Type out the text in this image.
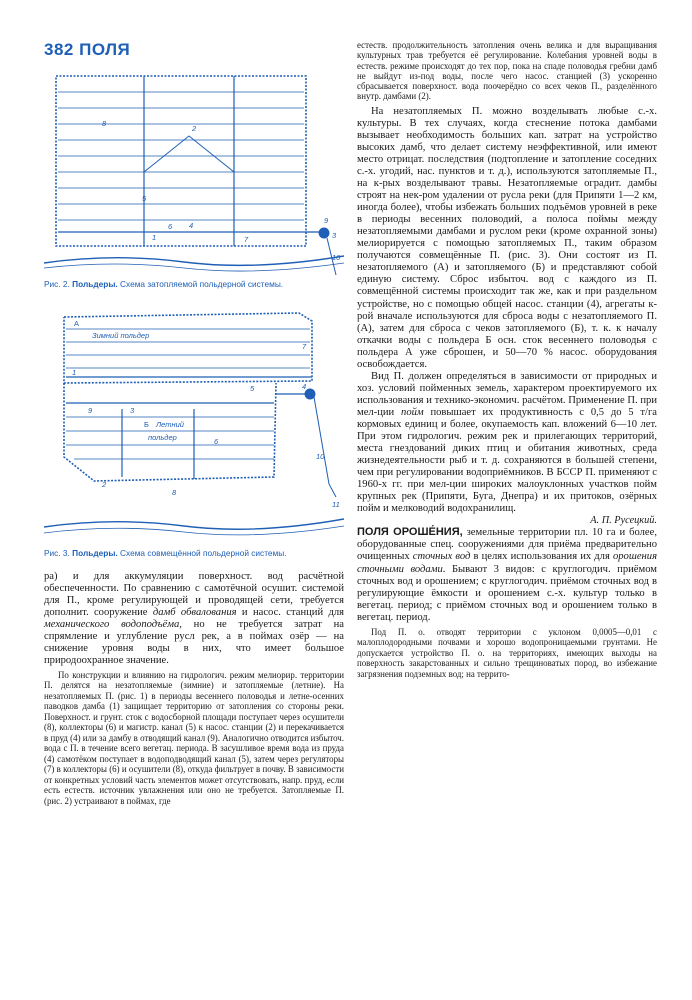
382 ПОЛЯ
1
2
3
4
5
6
7
8
9
10
Рис. 2. Польдеры. Схема затопляемой польдерной системы.
А
Зимний польдер
Б Летний
польдер
1
2
3
4
5
6
7
8
9
10
11
Рис. 3. Польдеры. Схема совмещённой польдерной системы.

ра) и для аккумуляции поверхност. вод расчётной обеспеченности. По сравнению с самотёчной осушит. системой для П., кроме регулирующей и проводящей сети, требуется дополнит. сооружение дамб обвалования и насос. станций для механического водоподъёма, но не требуется затрат на спрямление и углубление русл рек, а в поймах озёр — на снижение уровня воды в них, что имеет большое природоохранное значение.

По конструкции и влиянию на гидрологич. режим мелиорир. территории П. делятся на незатопляемые (зимние) и затопляемые (летние). На незатопляемых П. (рис. 1) в периоды весеннего половодья и летне-осенних паводков дамба (1) защищает территорию от затопления со стороны реки. Поверхност. и грунт. сток с водосборной площади поступает через осушители (8), коллекторы (6) и магистр. канал (5) к насос. станции (2) и перекачивается в пруд (4) или за дамбу в отводящий канал (9). Аналогично отводится избыточ. вода с П. в течение всего вегетац. периода. В засушливое время вода из пруда (4) самотёком поступает в водоподводящий канал (5), затем через регуляторы (7) в коллекторы (6) и осушители (8), откуда фильтрует в почву. В зависимости от конкретных условий часть элементов может отсутствовать, напр. пруд, если есть естеств. источник увлажнения или оно не требуется. Затопляемые П. (рис. 2) устраивают в поймах, где

естеств. продолжительность затопления очень велика и для выращивания культурных трав требуется её регулирование. Колебания уровней воды в естеств. режиме происходят до тех пор, пока на спаде половодья гребни дамб не выйдут из-под воды, после чего насос. станцией (3) ускоренно сбрасывается поверхност. вода поочерёдно со всех чеков П., разделённого внутр. дамбами (2).

На незатопляемых П. можно возделывать любые с.-х. культуры. В тех случаях, когда стеснение потока дамбами вызывает необходимость больших кап. затрат на устройство высоких дамб, что делает систему неэффективной, или имеют место отрицат. последствия (подтопление и затопление соседних с.-х. угодий, нас. пунктов и т. д.), используются затопляемые П., на к-рых возделывают травы. Незатопляемые оградит. дамбы строят на нек-ром удалении от русла реки (для Припяти 1—2 км, иногда более), чтобы избежать больших подъёмов уровней в реке в периоды весенних половодий, а полоса поймы между незатопляемыми дамбами и руслом реки (кроме охранной зоны) мелиорируется с помощью затопляемых П., таким образом получаются совмещённые П. (рис. 3). Они состоят из П. незатопляемого (А) и затопляемого (Б) и представляют собой единую систему. Сброс избыточ. вод с каждого из П. совмещённой системы происходит так же, как и при раздельном устройстве, но с помощью общей насос. станции (4), агрегаты к-рой вначале используются для сброса воды с незатопляемого П. (А), затем для сброса с чеков затопляемого (Б), т. к. к началу откачки воды с польдера Б осн. сток весеннего половодья с польдера А уже сброшен, и 50—70 % насос. оборудования освобождается.

Вид П. должен определяться в зависимости от природных и хоз. условий пойменных земель, характером проектируемого их использования и технико-экономич. расчётом. Применение П. при мел-ции пойм повышает их продуктивность с 0,5 до 5 т/га кормовых единиц и более, окупаемость кап. вложений 6—10 лет. При этом гидрологич. режим рек и прилегающих территорий, места гнездований диких птиц и обитания животных, среда жизнедеятельности рыб и т. д. сохраняются в большей степени, чем при регулировании водоприёмников. В БССР П. применяют с 1960-х гг. при мел-ции широких малоуклонных участков пойм крупных рек (Припяти, Буга, Днепра) и их притоков, озёрных пойм и мелководий водохранилищ.

А. П. Русецкий.

ПОЛЯ ОРОШЕ́НИЯ, земельные территории пл. 10 га и более, оборудованные спец. сооружениями для приёма предварительно очищенных сточных вод в целях использования их для орошения сточными водами. Бывают 3 видов: с круглогодич. приёмом сточных вод и орошением; с круглогодич. приёмом сточных вод в регулирующие ёмкости и орошением с.-х. культур только в вегетац. период; с приёмом сточных вод и орошением только в вегетац. период.

Под П. о. отводят территории с уклоном 0,0005—0,01 с малоплодородными почвами и хорошо водопроницаемыми грунтами. Не допускается устройство П. о. на территориях, имеющих выходы на поверхность закарстованных и сильно трещиноватых пород, во избежание загрязнения подземных вод; на террито-
